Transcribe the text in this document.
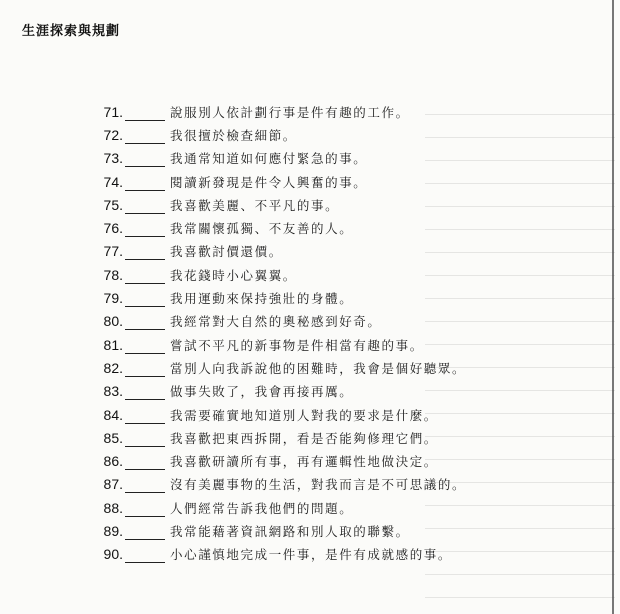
生涯探索與規劃
71.	說服別人依計劃行事是件有趣的工作。
72.	我很擅於檢查細節。
73.	我通常知道如何應付緊急的事。
74.	閱讀新發現是件令人興奮的事。
75.	我喜歡美麗、不平凡的事。
76.	我常關懷孤獨、不友善的人。
77.	我喜歡討價還價。
78.	我花錢時小心翼翼。
79.	我用運動來保持強壯的身體。
80.	我經常對大自然的奧秘感到好奇。
81.	嘗試不平凡的新事物是件相當有趣的事。
82.	當別人向我訴說他的困難時，我會是個好聽眾。
83.	做事失敗了，我會再接再厲。
84.	我需要確實地知道別人對我的要求是什麼。
85.	我喜歡把東西拆開，看是否能夠修理它們。
86.	我喜歡研讀所有事，再有邏輯性地做決定。
87.	沒有美麗事物的生活，對我而言是不可思議的。
88.	人們經常告訴我他們的問題。
89.	我常能藉著資訊網路和別人取的聯繫。
90.	小心謹慎地完成一件事，是件有成就感的事。
